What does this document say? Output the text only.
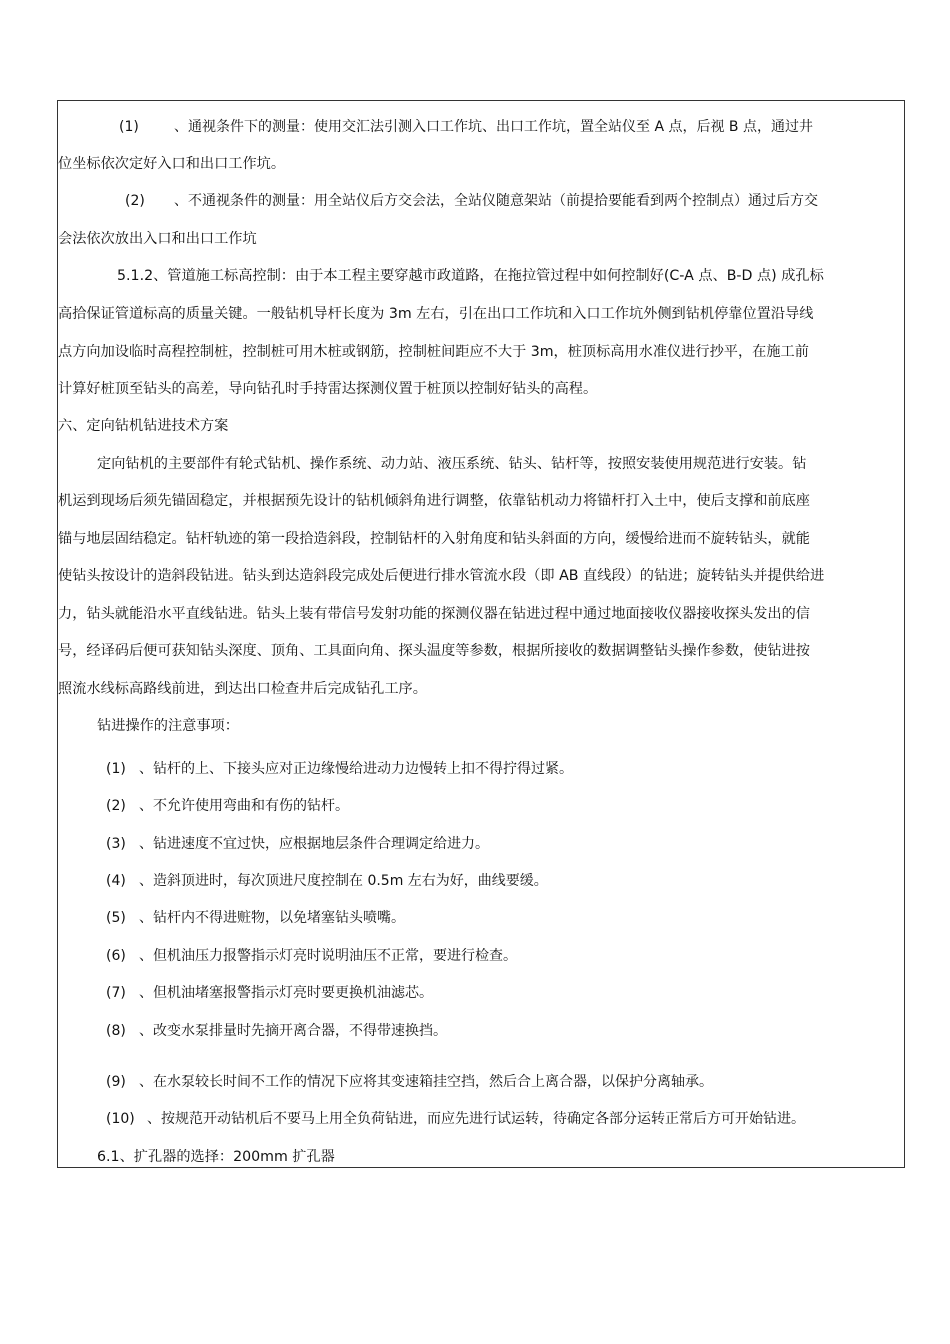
(1)	、通视条件下的测量：使用交汇法引测入口工作坑、出口工作坑，置全站仪至 A 点，后视 B 点，通过井
位坐标依次定好入口和出口工作坑。
(2) 、不通视条件的测量：用全站仪后方交会法，全站仪随意架站（前提拾要能看到两个控制点）通过后方交
会法依次放出入口和出口工作坑
5.1.2、管道施工标高控制：由于本工程主要穿越市政道路，在拖拉管过程中如何控制好(C-A 点、B-D 点) 成孔标
高拾保证管道标高的质量关键。一般钻机导杆长度为 3m 左右，引在出口工作坑和入口工作坑外侧到钻机停靠位置沿导线
点方向加设临时高程控制桩，控制桩可用木桩或钢筋，控制桩间距应不大于 3m，桩顶标高用水准仪进行抄平，在施工前
计算好桩顶至钻头的高差，导向钻孔时手持雷达探测仪置于桩顶以控制好钻头的高程。
六、定向钻机钻进技术方案
定向钻机的主要部件有轮式钻机、操作系统、动力站、液压系统、钻头、钻杆等，按照安装使用规范进行安装。钻
机运到现场后须先锚固稳定，并根据预先设计的钻机倾斜角进行调整，依靠钻机动力将锚杆打入土中，使后支撑和前底座
锚与地层固结稳定。钻杆轨迹的第一段拾造斜段，控制钻杆的入射角度和钻头斜面的方向，缓慢给进而不旋转钻头，就能
使钻头按设计的造斜段钻进。钻头到达造斜段完成处后便进行排水管流水段（即 AB 直线段）的钻进；旋转钻头并提供给进
力，钻头就能沿水平直线钻进。钻头上装有带信号发射功能的探测仪器在钻进过程中通过地面接收仪器接收探头发出的信
号，经译码后便可获知钻头深度、顶角、工具面向角、探头温度等参数，根据所接收的数据调整钻头操作参数，使钻进按
照流水线标高路线前进，到达出口检查井后完成钻孔工序。
钻进操作的注意事项：
(1) 、钻杆的上、下接头应对正边缘慢给进动力边慢转上扣不得拧得过紧。
(2) 、不允许使用弯曲和有伤的钻杆。
(3) 、钻进速度不宜过快，应根据地层条件合理调定给进力。
(4) 、造斜顶进时，每次顶进尺度控制在 0.5m 左右为好，曲线要缓。
(5) 、钻杆内不得进赃物，以免堵塞钻头喷嘴。
(6) 、但机油压力报警指示灯亮时说明油压不正常，要进行检查。
(7) 、但机油堵塞报警指示灯亮时要更换机油滤芯。
(8) 、改变水泵排量时先摘开离合器，不得带速换挡。
(9) 、在水泵较长时间不工作的情况下应将其变速箱挂空挡，然后合上离合器，以保护分离轴承。
(10) 、按规范开动钻机后不要马上用全负荷钻进，而应先进行试运转，待确定各部分运转正常后方可开始钻进。
6.1、扩孔器的选择：200mm 扩孔器
